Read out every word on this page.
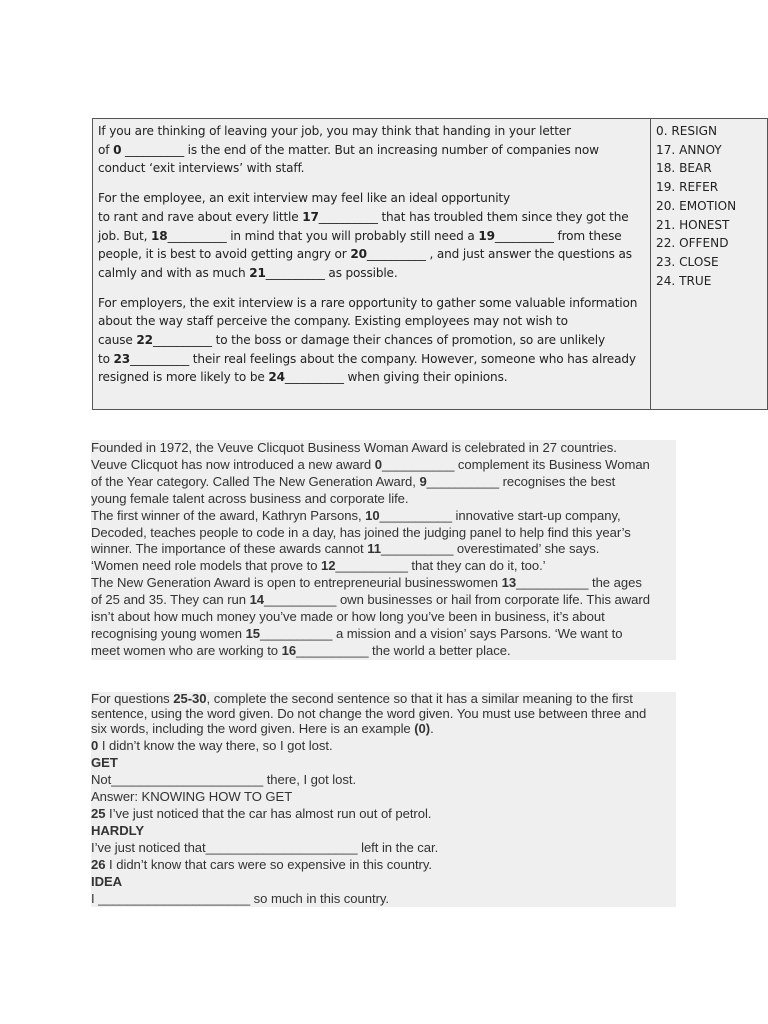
If you are thinking of leaving your job, you may think that handing in your letter
of 0 __________ is the end of the matter. But an increasing number of companies now
conduct ‘exit interviews’ with staff.

For the employee, an exit interview may feel like an ideal opportunity
to rant and rave about every little 17__________ that has troubled them since they got the
job. But, 18__________ in mind that you will probably still need a 19__________ from these
people, it is best to avoid getting angry or 20__________ , and just answer the questions as
calmly and with as much 21__________ as possible.

For employers, the exit interview is a rare opportunity to gather some valuable information
about the way staff perceive the company. Existing employees may not wish to
cause 22__________ to the boss or damage their chances of promotion, so are unlikely
to 23__________ their real feelings about the company. However, someone who has already
resigned is more likely to be 24__________ when giving their opinions.

0. RESIGN
17. ANNOY
18. BEAR
19. REFER
20. EMOTION
21. HONEST
22. OFFEND
23. CLOSE
24. TRUE

Founded in 1972, the Veuve Clicquot Business Woman Award is celebrated in 27 countries.

Veuve Clicquot has now introduced a new award 0__________ complement its Business Woman

of the Year category. Called The New Generation Award, 9__________ recognises the best

young female talent across business and corporate life.

The first winner of the award, Kathryn Parsons, 10__________ innovative start-up company,

Decoded, teaches people to code in a day, has joined the judging panel to help find this year’s

winner. The importance of these awards cannot 11__________ overestimated’ she says.

‘Women need role models that prove to 12__________ that they can do it, too.’

The New Generation Award is open to entrepreneurial businesswomen 13__________ the ages

of 25 and 35. They can run 14__________ own businesses or hail from corporate life. This award

isn’t about how much money you’ve made or how long you’ve been in business, it’s about

recognising young women 15__________ a mission and a vision’ says Parsons. ‘We want to

meet women who are working to 16__________ the world a better place.

For questions 25-30, complete the second sentence so that it has a similar meaning to the first
sentence, using the word given. Do not change the word given. You must use between three and
six words, including the word given. Here is an example (0).

0 I didn’t know the way there, so I got lost.

GET

Not_____________________ there, I got lost.

Answer: KNOWING HOW TO GET

25 I’ve just noticed that the car has almost run out of petrol.

HARDLY

I’ve just noticed that_____________________ left in the car.

26 I didn’t know that cars were so expensive in this country.

IDEA

I _____________________ so much in this country.
